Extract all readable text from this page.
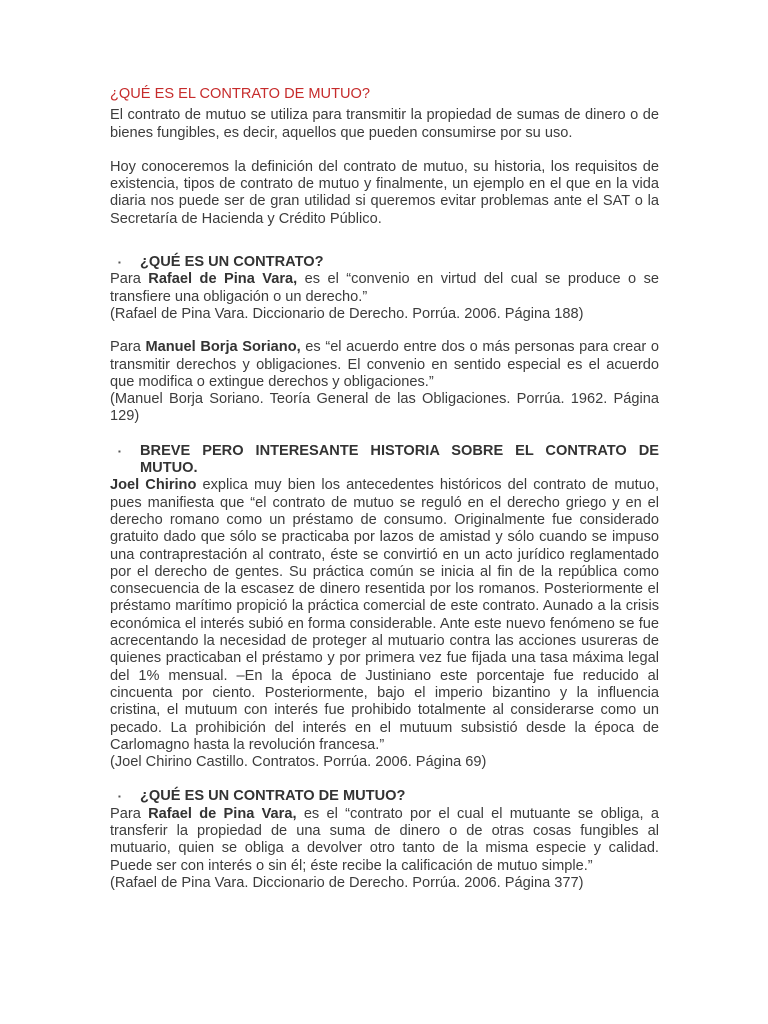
¿QUÉ ES EL CONTRATO DE MUTUO?

El contrato de mutuo se utiliza para transmitir la propiedad de sumas de dinero o de bienes fungibles, es decir, aquellos que pueden consumirse por su uso.

Hoy conoceremos la definición del contrato de mutuo, su historia, los requisitos de existencia, tipos de contrato de mutuo y finalmente, un ejemplo en el que en la vida diaria nos puede ser de gran utilidad si queremos evitar problemas ante el SAT o la Secretaría de Hacienda y Crédito Público.

▪	¿QUÉ ES UN CONTRATO?

Para Rafael de Pina Vara, es el “convenio en virtud del cual se produce o se transfiere una obligación o un derecho.”

(Rafael de Pina Vara. Diccionario de Derecho. Porrúa. 2006. Página 188)

Para Manuel Borja Soriano, es “el acuerdo entre dos o más personas para crear o transmitir derechos y obligaciones. El convenio en sentido especial es el acuerdo que modifica o extingue derechos y obligaciones.”

(Manuel Borja Soriano. Teoría General de las Obligaciones. Porrúa. 1962. Página 129)

▪	BREVE PERO INTERESANTE HISTORIA SOBRE EL CONTRATO DE MUTUO.

Joel Chirino explica muy bien los antecedentes históricos del contrato de mutuo, pues manifiesta que “el contrato de mutuo se reguló en el derecho griego y en el derecho romano como un préstamo de consumo. Originalmente fue considerado gratuito dado que sólo se practicaba por lazos de amistad y sólo cuando se impuso una contraprestación al contrato, éste se convirtió en un acto jurídico reglamentado por el derecho de gentes. Su práctica común se inicia al fin de la república como consecuencia de la escasez de dinero resentida por los romanos. Posteriormente el préstamo marítimo propició la práctica comercial de este contrato. Aunado a la crisis económica el interés subió en forma considerable. Ante este nuevo fenómeno se fue acrecentando la necesidad de proteger al mutuario contra las acciones usureras de quienes practicaban el préstamo y por primera vez fue fijada una tasa máxima legal del 1% mensual. –En la época de Justiniano este porcentaje fue reducido al cincuenta por ciento. Posteriormente, bajo el imperio bizantino y la influencia cristina, el mutuum con interés fue prohibido totalmente al considerarse como un pecado. La prohibición del interés en el mutuum subsistió desde la época de Carlomagno hasta la revolución francesa.”

(Joel Chirino Castillo. Contratos. Porrúa. 2006. Página 69)

▪	¿QUÉ ES UN CONTRATO DE MUTUO?

Para Rafael de Pina Vara, es el “contrato por el cual el mutuante se obliga, a transferir la propiedad de una suma de dinero o de otras cosas fungibles al mutuario, quien se obliga a devolver otro tanto de la misma especie y calidad. Puede ser con interés o sin él; éste recibe la calificación de mutuo simple.”

(Rafael de Pina Vara. Diccionario de Derecho. Porrúa. 2006. Página 377)
